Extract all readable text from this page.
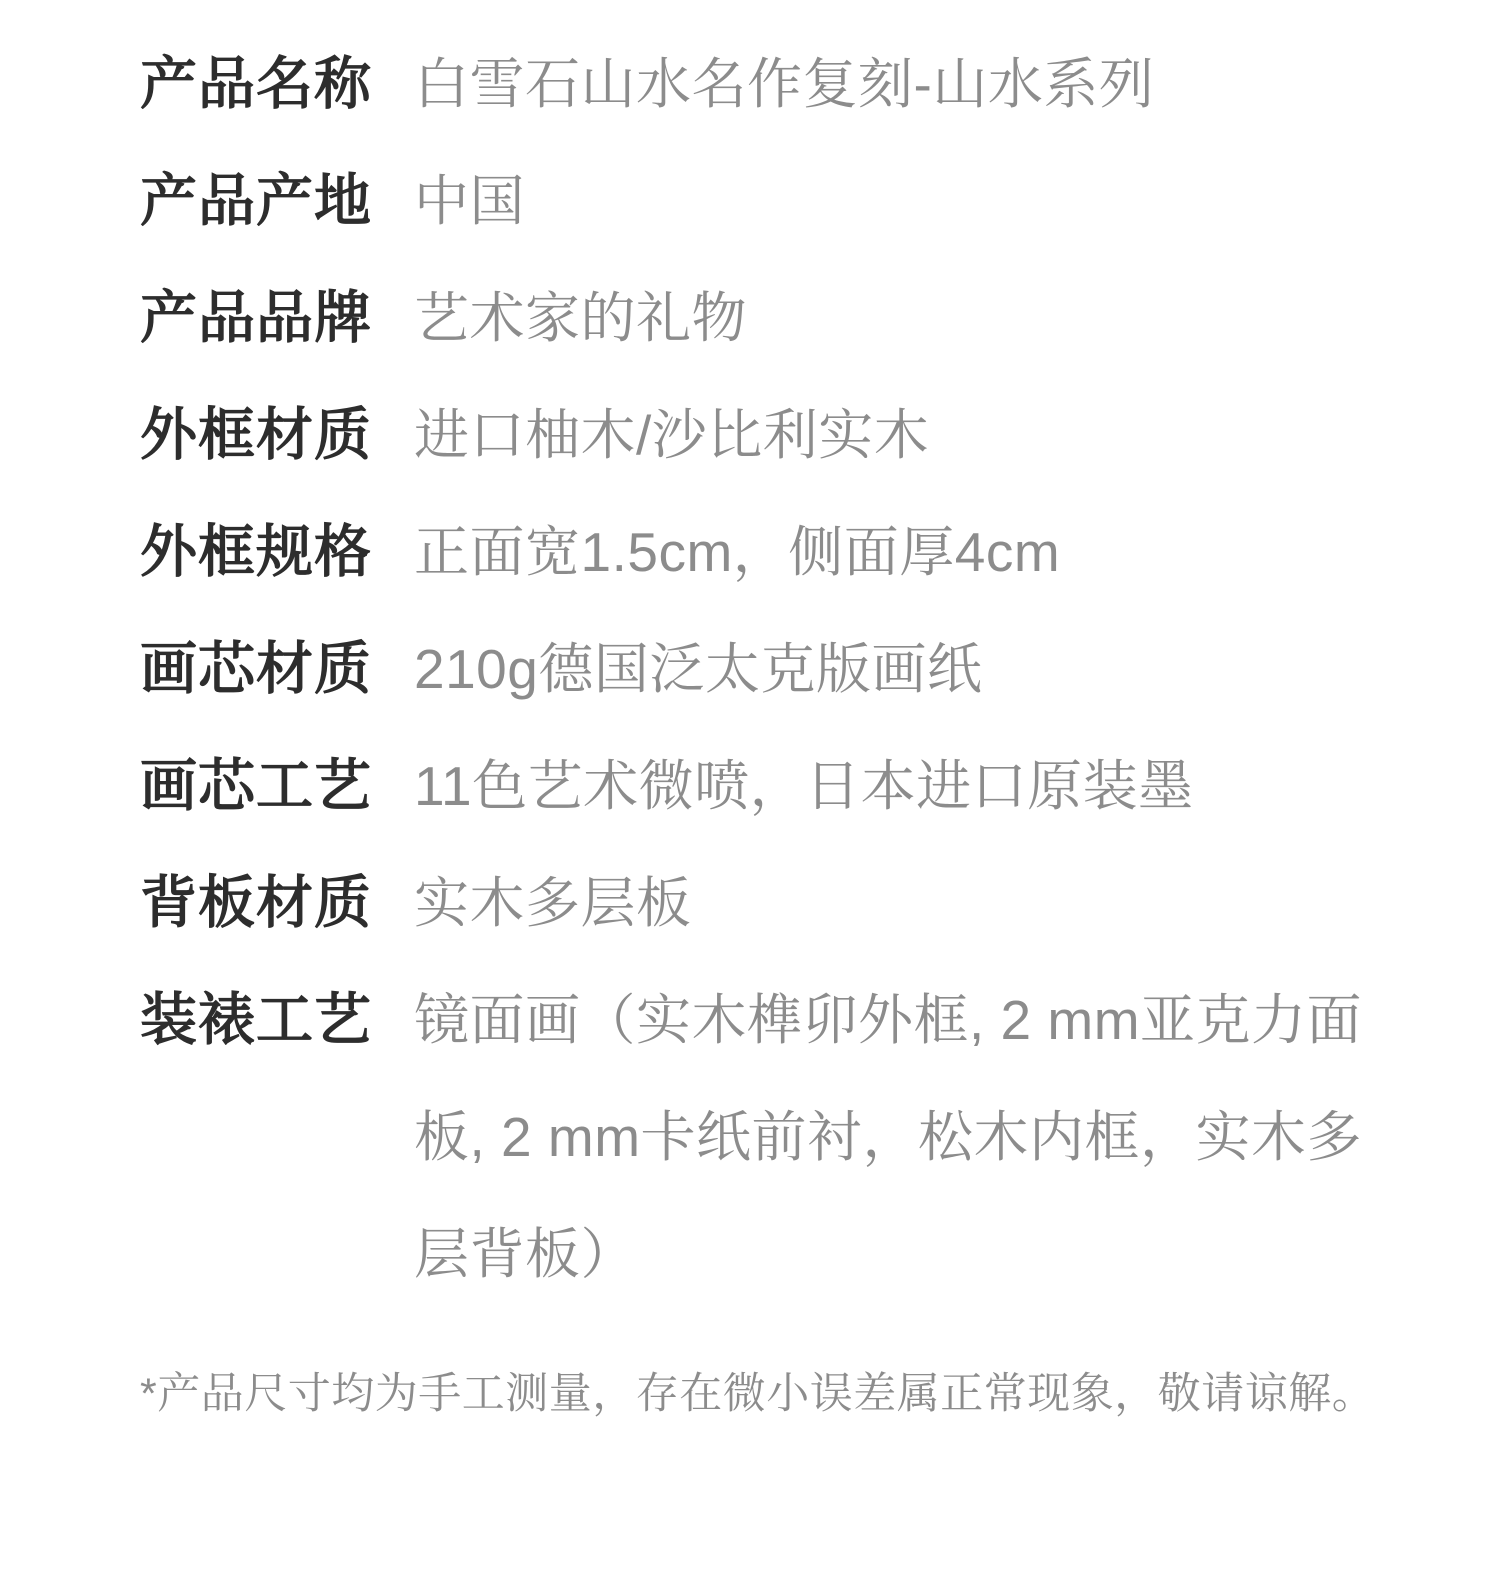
产品名称 白雪石山水名作复刻-山水系列
产品产地 中国
产品品牌 艺术家的礼物
外框材质 进口柚木/沙比利实木
外框规格 正面宽1.5cm，侧面厚4cm
画芯材质 210g德国泛太克版画纸
画芯工艺 11色艺术微喷，日本进口原装墨
背板材质 实木多层板
装裱工艺 镜面画（实木榫卯外框, 2 mm亚克力面板, 2 mm卡纸前衬，松木内框，实木多层背板）
*产品尺寸均为手工测量，存在微小误差属正常现象，敬请谅解。
